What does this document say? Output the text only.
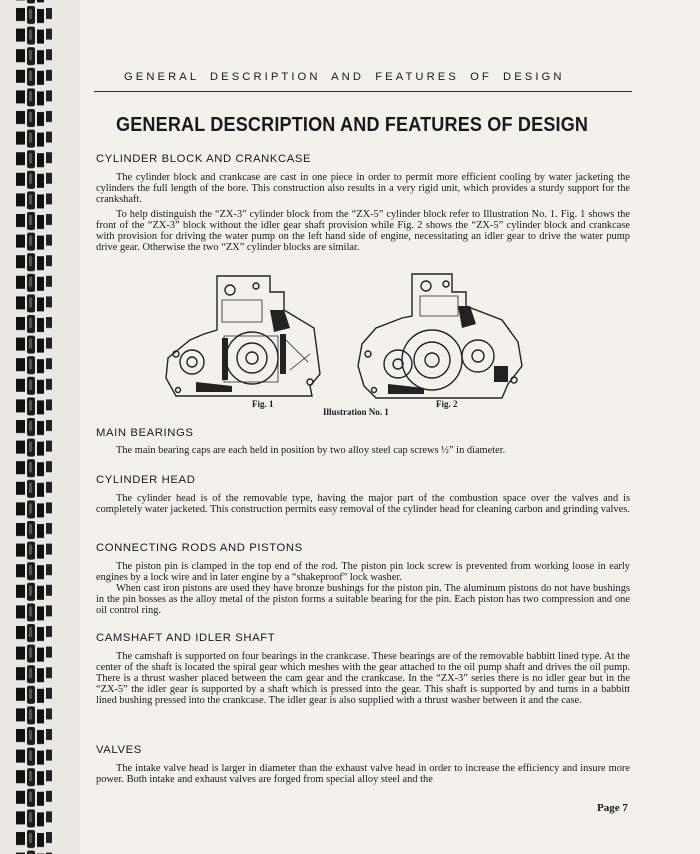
GENERAL DESCRIPTION AND FEATURES OF DESIGN
GENERAL DESCRIPTION AND FEATURES OF DESIGN
CYLINDER BLOCK AND CRANKCASE
The cylinder block and crankcase are cast in one piece in order to permit more efficient cooling by water jacketing the cylinders the full length of the bore. This construction also results in a very rigid unit, which provides a sturdy support for the crankshaft.
To help distinguish the “ZX-3” cylinder block from the “ZX-5” cylinder block refer to Illustration No. 1. Fig. 1 shows the front of the “ZX-3” block without the idler gear shaft provision while Fig. 2 shows the “ZX-5” cylinder block and crankcase with provision for driving the water pump on the left hand side of engine, necessitating an idler gear to drive the water pump drive gear. Otherwise the two “ZX” cylinder blocks are similar.
Fig. 1	Fig. 2
Illustration No. 1
MAIN BEARINGS
The main bearing caps are each held in position by two alloy steel cap screws ½” in diameter.
CYLINDER HEAD
The cylinder head is of the removable type, having the major part of the combustion space over the valves and is completely water jacketed. This construction permits easy removal of the cylinder head for cleaning carbon and grinding valves.
CONNECTING RODS AND PISTONS
The piston pin is clamped in the top end of the rod. The piston pin lock screw is prevented from working loose in early engines by a lock wire and in later engine by a “shakeproof” lock washer.
When cast iron pistons are used they have bronze bushings for the piston pin. The aluminum pistons do not have bushings in the pin bosses as the alloy metal of the piston forms a suitable bearing for the pin. Each piston has two compression and one oil control ring.
CAMSHAFT AND IDLER SHAFT
The camshaft is supported on four bearings in the crankcase. These bearings are of the removable babbitt lined type. At the center of the shaft is located the spiral gear which meshes with the gear attached to the oil pump shaft and drives the oil pump. There is a thrust washer placed between the cam gear and the crankcase. In the “ZX-3” series there is no idler gear but in the “ZX-5” the idler gear is supported by a shaft which is pressed into the gear. This shaft is supported by and turns in a babbitt lined bushing pressed into the crankcase. The idler gear is also supplied with a thrust washer between it and the case.
VALVES
The intake valve head is larger in diameter than the exhaust valve head in order to increase the efficiency and insure more power. Both intake and exhaust valves are forged from special alloy steel and the
Page 7
